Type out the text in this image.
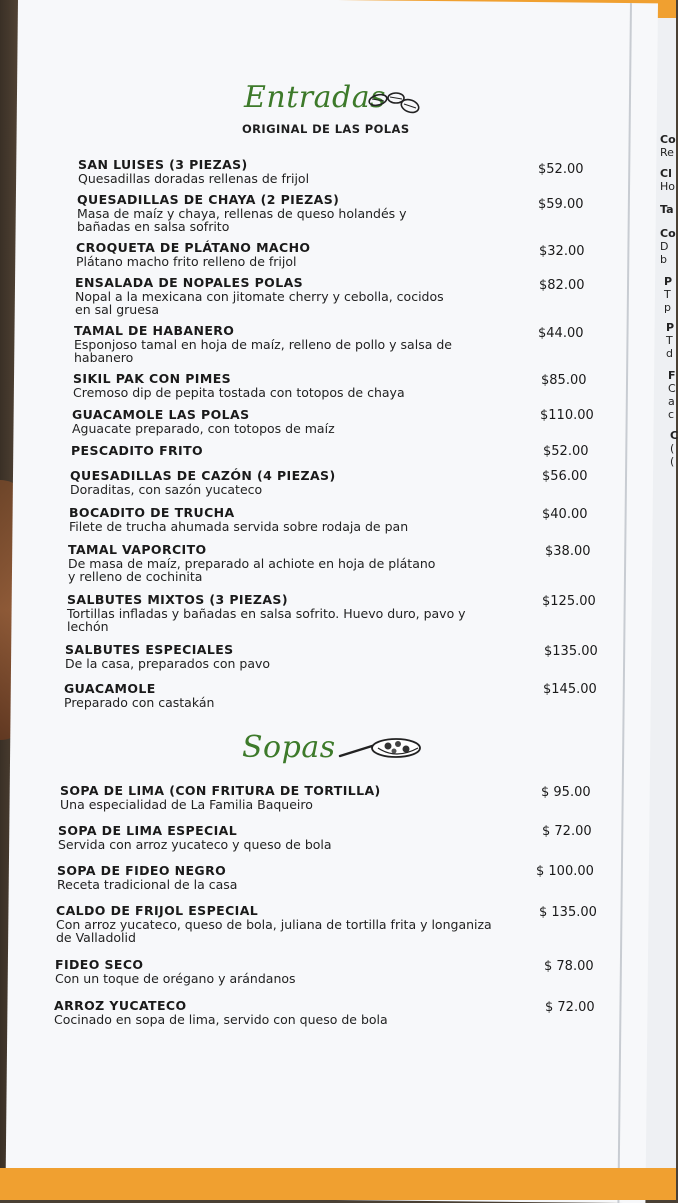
Co
Re
Cl
Ho
Ta
Co
D
b
P
T
p
P
T
d
F
C
a
c
C
(
(
Entradas
ORIGINAL DE LAS POLAS
SAN LUISES (3 PIEZAS)
Quesadillas doradas rellenas de frijol
$52.00
QUESADILLAS DE CHAYA (2 PIEZAS)
Masa de maíz y chaya, rellenas de queso holandés y bañadas en salsa sofrito
$59.00
CROQUETA DE PLÁTANO MACHO
Plátano macho frito relleno de frijol
$32.00
ENSALADA DE NOPALES POLAS
Nopal a la mexicana con jitomate cherry y cebolla, cocidos en sal gruesa
$82.00
TAMAL DE HABANERO
Esponjoso tamal en hoja de maíz, relleno de pollo y salsa de habanero
$44.00
SIKIL PAK CON PIMES
Cremoso dip de pepita tostada con totopos de chaya
$85.00
GUACAMOLE LAS POLAS
Aguacate preparado, con totopos de maíz
$110.00
PESCADITO FRITO	$52.00
QUESADILLAS DE CAZÓN (4 PIEZAS)
Doraditas, con sazón yucateco
$56.00
BOCADITO DE TRUCHA
Filete de trucha ahumada servida sobre rodaja de pan
$40.00
TAMAL VAPORCITO
De masa de maíz, preparado al achiote en hoja de plátano y relleno de cochinita
$38.00
SALBUTES MIXTOS (3 PIEZAS)
Tortillas infladas y bañadas en salsa sofrito. Huevo duro, pavo y lechón
$125.00
SALBUTES ESPECIALES
De la casa, preparados con pavo
$135.00
GUACAMOLE
Preparado con castakán
$145.00
Sopas
SOPA DE LIMA (CON FRITURA DE TORTILLA)
Una especialidad de La Familia Baqueiro
$ 95.00
SOPA DE LIMA ESPECIAL
Servida con arroz yucateco y queso de bola
$ 72.00
SOPA DE FIDEO NEGRO
Receta tradicional de la casa
$ 100.00
CALDO DE FRIJOL ESPECIAL
Con arroz yucateco, queso de bola, juliana de tortilla frita y longaniza de Valladolid
$ 135.00
FIDEO SECO
Con un toque de orégano y arándanos
$ 78.00
ARROZ YUCATECO
Cocinado en sopa de lima, servido con queso de bola
$ 72.00
